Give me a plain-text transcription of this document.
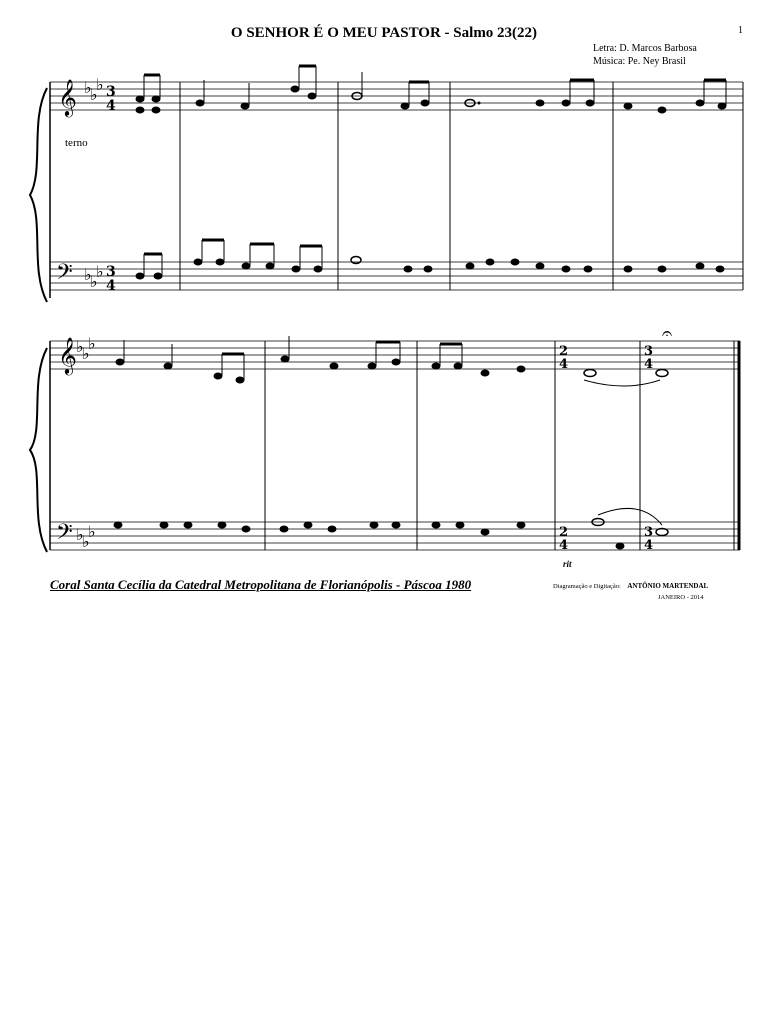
O SENHOR É O MEU PASTOR - Salmo 23(22)	1
Letra: D. Marcos Barbosa
Música: Pe. Ney Brasil
𝄞
𝄢
♭
♭
♭
♭
♭
♭
3
4
3
4
𝄞
𝄢
♭
♭
♭
♭
♭
♭
2
4
3
4
2
4
3
4
𝄐
rit
terno
Coral Santa Cecília da Catedral Metropolitana de Florianópolis - Páscoa 1980	Diagramação e Digitação: ANTÔNIO MARTENDAL
JANEIRO - 2014
